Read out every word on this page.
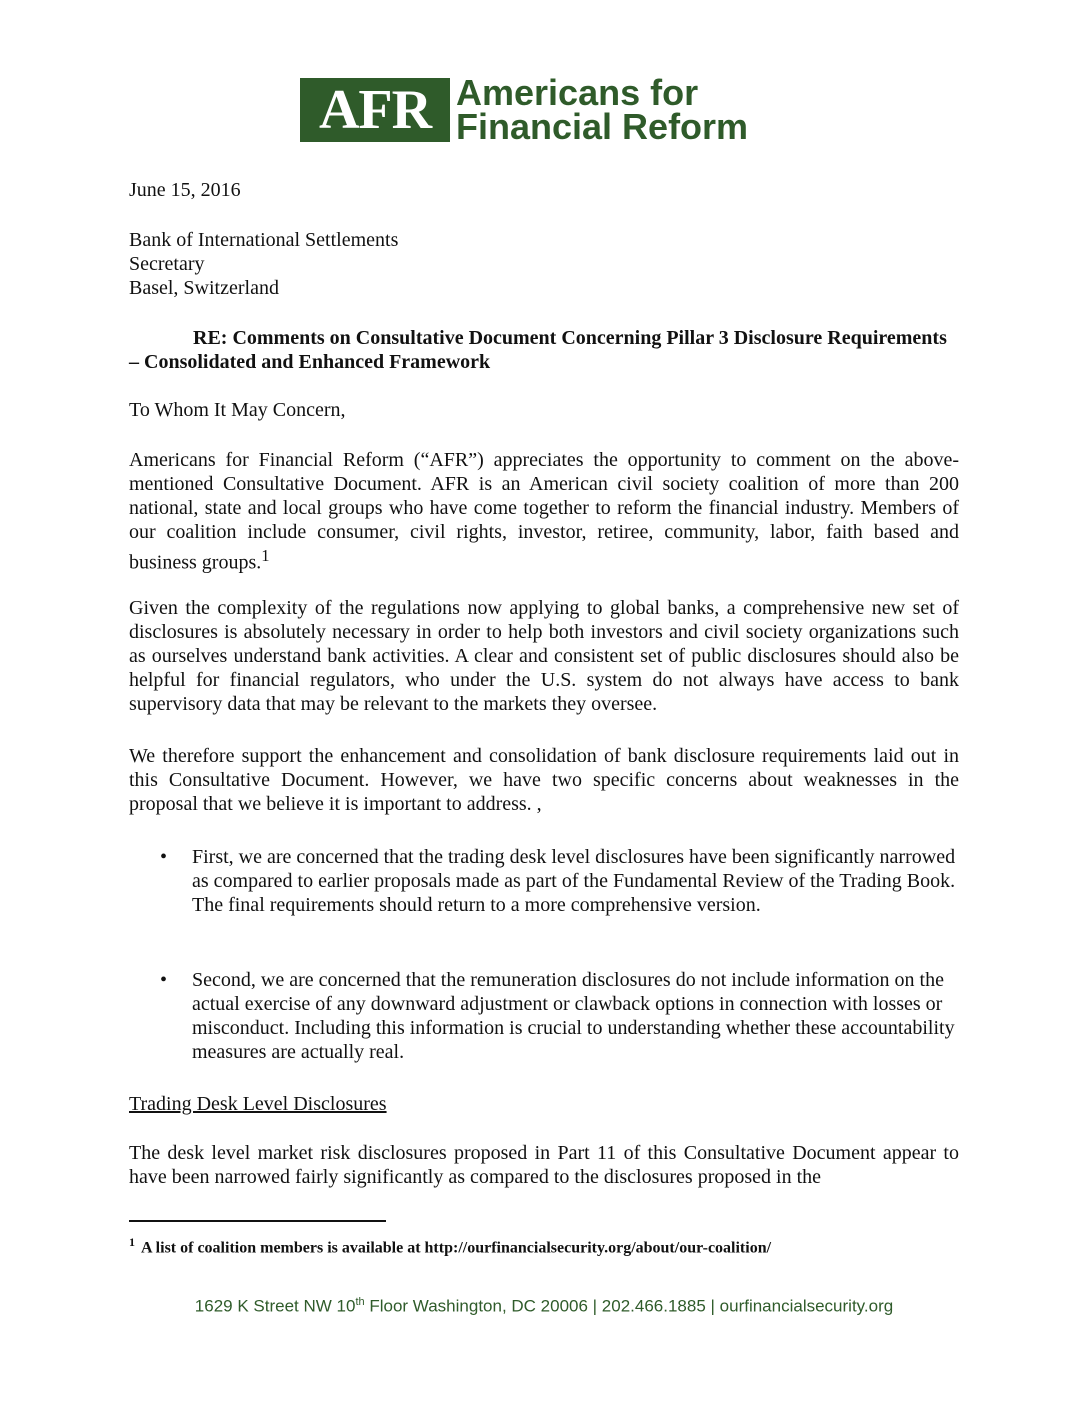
AFR Americans for
Financial Reform

June 15, 2016

Bank of International Settlements

Secretary

Basel, Switzerland

RE: Comments on Consultative Document Concerning Pillar 3 Disclosure Requirements – Consolidated and Enhanced Framework

To Whom It May Concern,

Americans for Financial Reform (“AFR”) appreciates the opportunity to comment on the above-mentioned Consultative Document. AFR is an American civil society coalition of more than 200 national, state and local groups who have come together to reform the financial industry. Members of our coalition include consumer, civil rights, investor, retiree, community, labor, faith based and business groups.$^1$

Given the complexity of the regulations now applying to global banks, a comprehensive new set of disclosures is absolutely necessary in order to help both investors and civil society organizations such as ourselves understand bank activities. A clear and consistent set of public disclosures should also be helpful for financial regulators, who under the U.S. system do not always have access to bank supervisory data that may be relevant to the markets they oversee.

We therefore support the enhancement and consolidation of bank disclosure requirements laid out in this Consultative Document. However, we have two specific concerns about weaknesses in the proposal that we believe it is important to address. ,

• First, we are concerned that the trading desk level disclosures have been significantly narrowed as compared to earlier proposals made as part of the Fundamental Review of the Trading Book. The final requirements should return to a more comprehensive version.
• Second, we are concerned that the remuneration disclosures do not include information on the actual exercise of any downward adjustment or clawback options in connection with losses or misconduct. Including this information is crucial to understanding whether these accountability measures are actually real.

Trading Desk Level Disclosures

The desk level market risk disclosures proposed in Part 11 of this Consultative Document appear to have been narrowed fairly significantly as compared to the disclosures proposed in the

$^1$ A list of coalition members is available at http://ourfinancialsecurity.org/about/our-coalition/
1629 K Street NW 10th Floor Washington, DC 20006 | 202.466.1885 | ourfinancialsecurity.org
